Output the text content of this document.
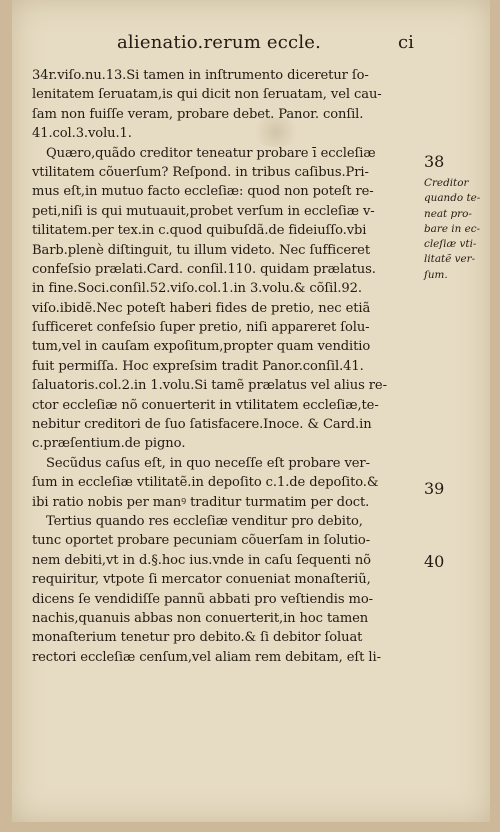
alienatio.rerum eccle.	ci
34r.viſo.nu.13.Si tamen in inſtrumento diceretur ſo-
lenitatem ſeruatam,is qui dicit non ſeruatam, vel cau-
ſam non fuiſſe veram, probare debet. Panor. conſil.
41.col.3.volu.1.
Quæro,quãdo creditor teneatur probare ī eccleſiæ
vtilitatem cõuerſum? Reſpond. in tribus caſibus.Pri-
mus eſt,in mutuo facto eccleſiæ: quod non poteſt re-
peti,niſi is qui mutuauit,probet verſum in eccleſiæ v-
tilitatem.per tex.in c.quod quibuſdã.de fideiuſſo.vbi
Barb.plenè diſtinguit, tu illum videto. Nec ſufficeret
confeſsio prælati.Card. conſil.110. quidam prælatus.
in fine.Soci.conſil.52.viſo.col.1.in 3.volu.& cõſil.92.
viſo.ibidẽ.Nec poteſt haberi fides de pretio, nec etiã
ſufficeret confeſsio ſuper pretio, niſi appareret ſolu-
tum,vel in cauſam expoſitum,propter quam venditio
fuit permiſſa. Hoc expreſsim tradit Panor.conſil.41.
ſaluatoris.col.2.in 1.volu.Si tamẽ prælatus vel alius re-
ctor eccleſiæ nõ conuerterit in vtilitatem eccleſiæ,te-
nebitur creditori de ſuo ſatisfacere.Inoce. & Card.in
c.præſentium.de pignο.
Secũdus caſus eſt, in quo neceſſe eſt probare ver-
ſum in eccleſiæ vtilitatẽ.in depoſito c.1.de depoſito.&
ibi ratio nobis per manꝰ traditur turmatim per doct.
Tertius quando res eccleſiæ venditur pro debito,
tunc oportet probare pecuniam cõuerſam in ſolutio-
nem debiti,vt in d.§.hoc ius.vnde in caſu ſequenti nõ
requiritur, vtpote ſi mercator conueniat monaſteriũ,
dicens ſe vendidiſſe pannũ abbati pro veſtiendis mo-
nachis,quanuis abbas non conuerterit,in hoc tamen
monaſterium tenetur pro debito.& ſi debitor ſoluat
rectori eccleſiæ cenſum,vel aliam rem debitam, eſt li-
38
39
40
Creditor
quando te-
neat pro-
bare in ec-
cleſiæ vti-
litatẽ ver-
ſum.
